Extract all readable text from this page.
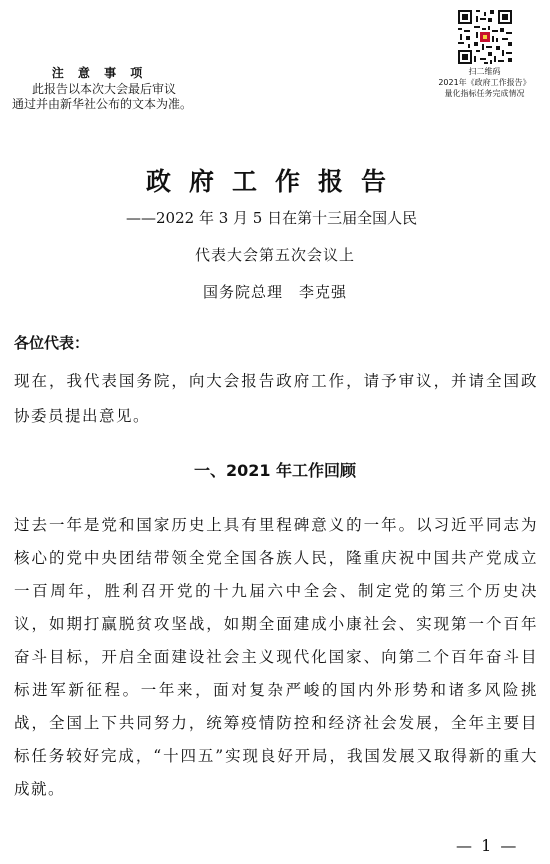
注 意 事 项
此报告以本次大会最后审议
通过并由新华社公布的文本为准。
扫二维码
2021年《政府工作报告》
量化指标任务完成情况
政府工作报告
——2022 年 3 月 5 日在第十三届全国人民
代表大会第五次会议上
国务院总理　李克强
各位代表：
现在，我代表国务院，向大会报告政府工作，请予审议，并请全国政协委员提出意见。
一、2021 年工作回顾
过去一年是党和国家历史上具有里程碑意义的一年。以习近平同志为核心的党中央团结带领全党全国各族人民，隆重庆祝中国共产党成立一百周年，胜利召开党的十九届六中全会、制定党的第三个历史决议，如期打赢脱贫攻坚战，如期全面建成小康社会、实现第一个百年奋斗目标，开启全面建设社会主义现代化国家、向第二个百年奋斗目标进军新征程。一年来，面对复杂严峻的国内外形势和诸多风险挑战，全国上下共同努力，统筹疫情防控和经济社会发展，全年主要目标任务较好完成，“十四五”实现良好开局，我国发展又取得新的重大成就。
— 1 —
